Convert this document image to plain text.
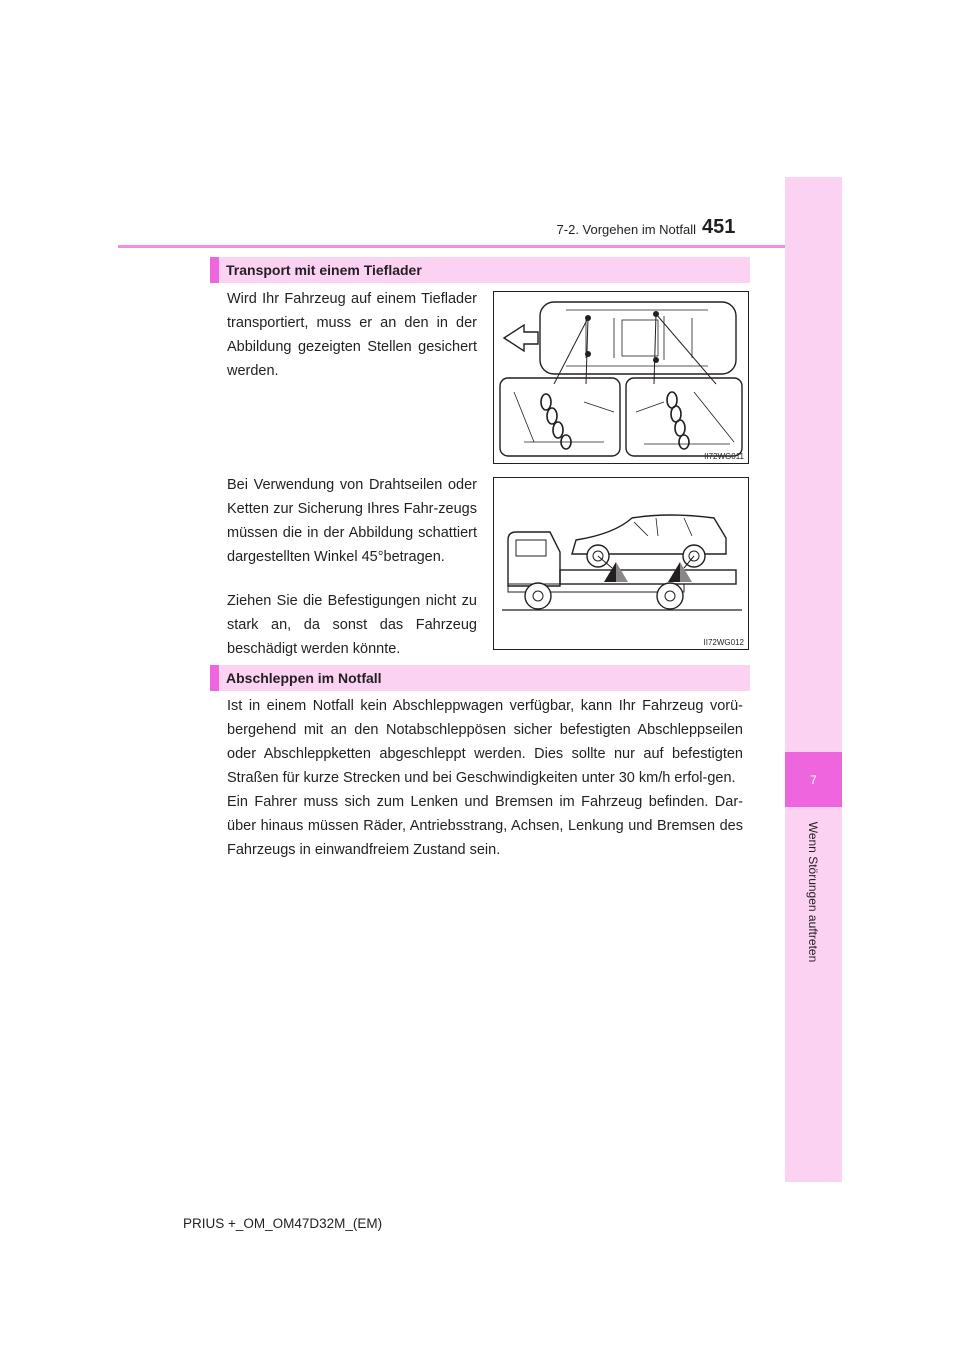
7
Wenn Störungen auftreten
7-2. Vorgehen im Notfall 451
Transport mit einem Tieflader

Wird Ihr Fahrzeug auf einem Tieflader transportiert, muss er an den in der Abbildung gezeigten Stellen gesichert werden.

Bei Verwendung von Drahtseilen oder Ketten zur Sicherung Ihres Fahr-zeugs müssen die in der Abbildung schattiert dargestellten Winkel 45°betragen.

Ziehen Sie die Befestigungen nicht zu stark an, da sonst das Fahrzeug beschädigt werden könnte.

II72WG011
II72WG012
Abschleppen im Notfall

Ist in einem Notfall kein Abschleppwagen verfügbar, kann Ihr Fahrzeug vorü-bergehend mit an den Notabschleppösen sicher befestigten Abschleppseilen oder Abschleppketten abgeschleppt werden. Dies sollte nur auf befestigten Straßen für kurze Strecken und bei Geschwindigkeiten unter 30 km/h erfol-gen.

Ein Fahrer muss sich zum Lenken und Bremsen im Fahrzeug befinden. Dar-über hinaus müssen Räder, Antriebsstrang, Achsen, Lenkung und Bremsen des Fahrzeugs in einwandfreiem Zustand sein.

PRIUS +_OM_OM47D32M_(EM)
